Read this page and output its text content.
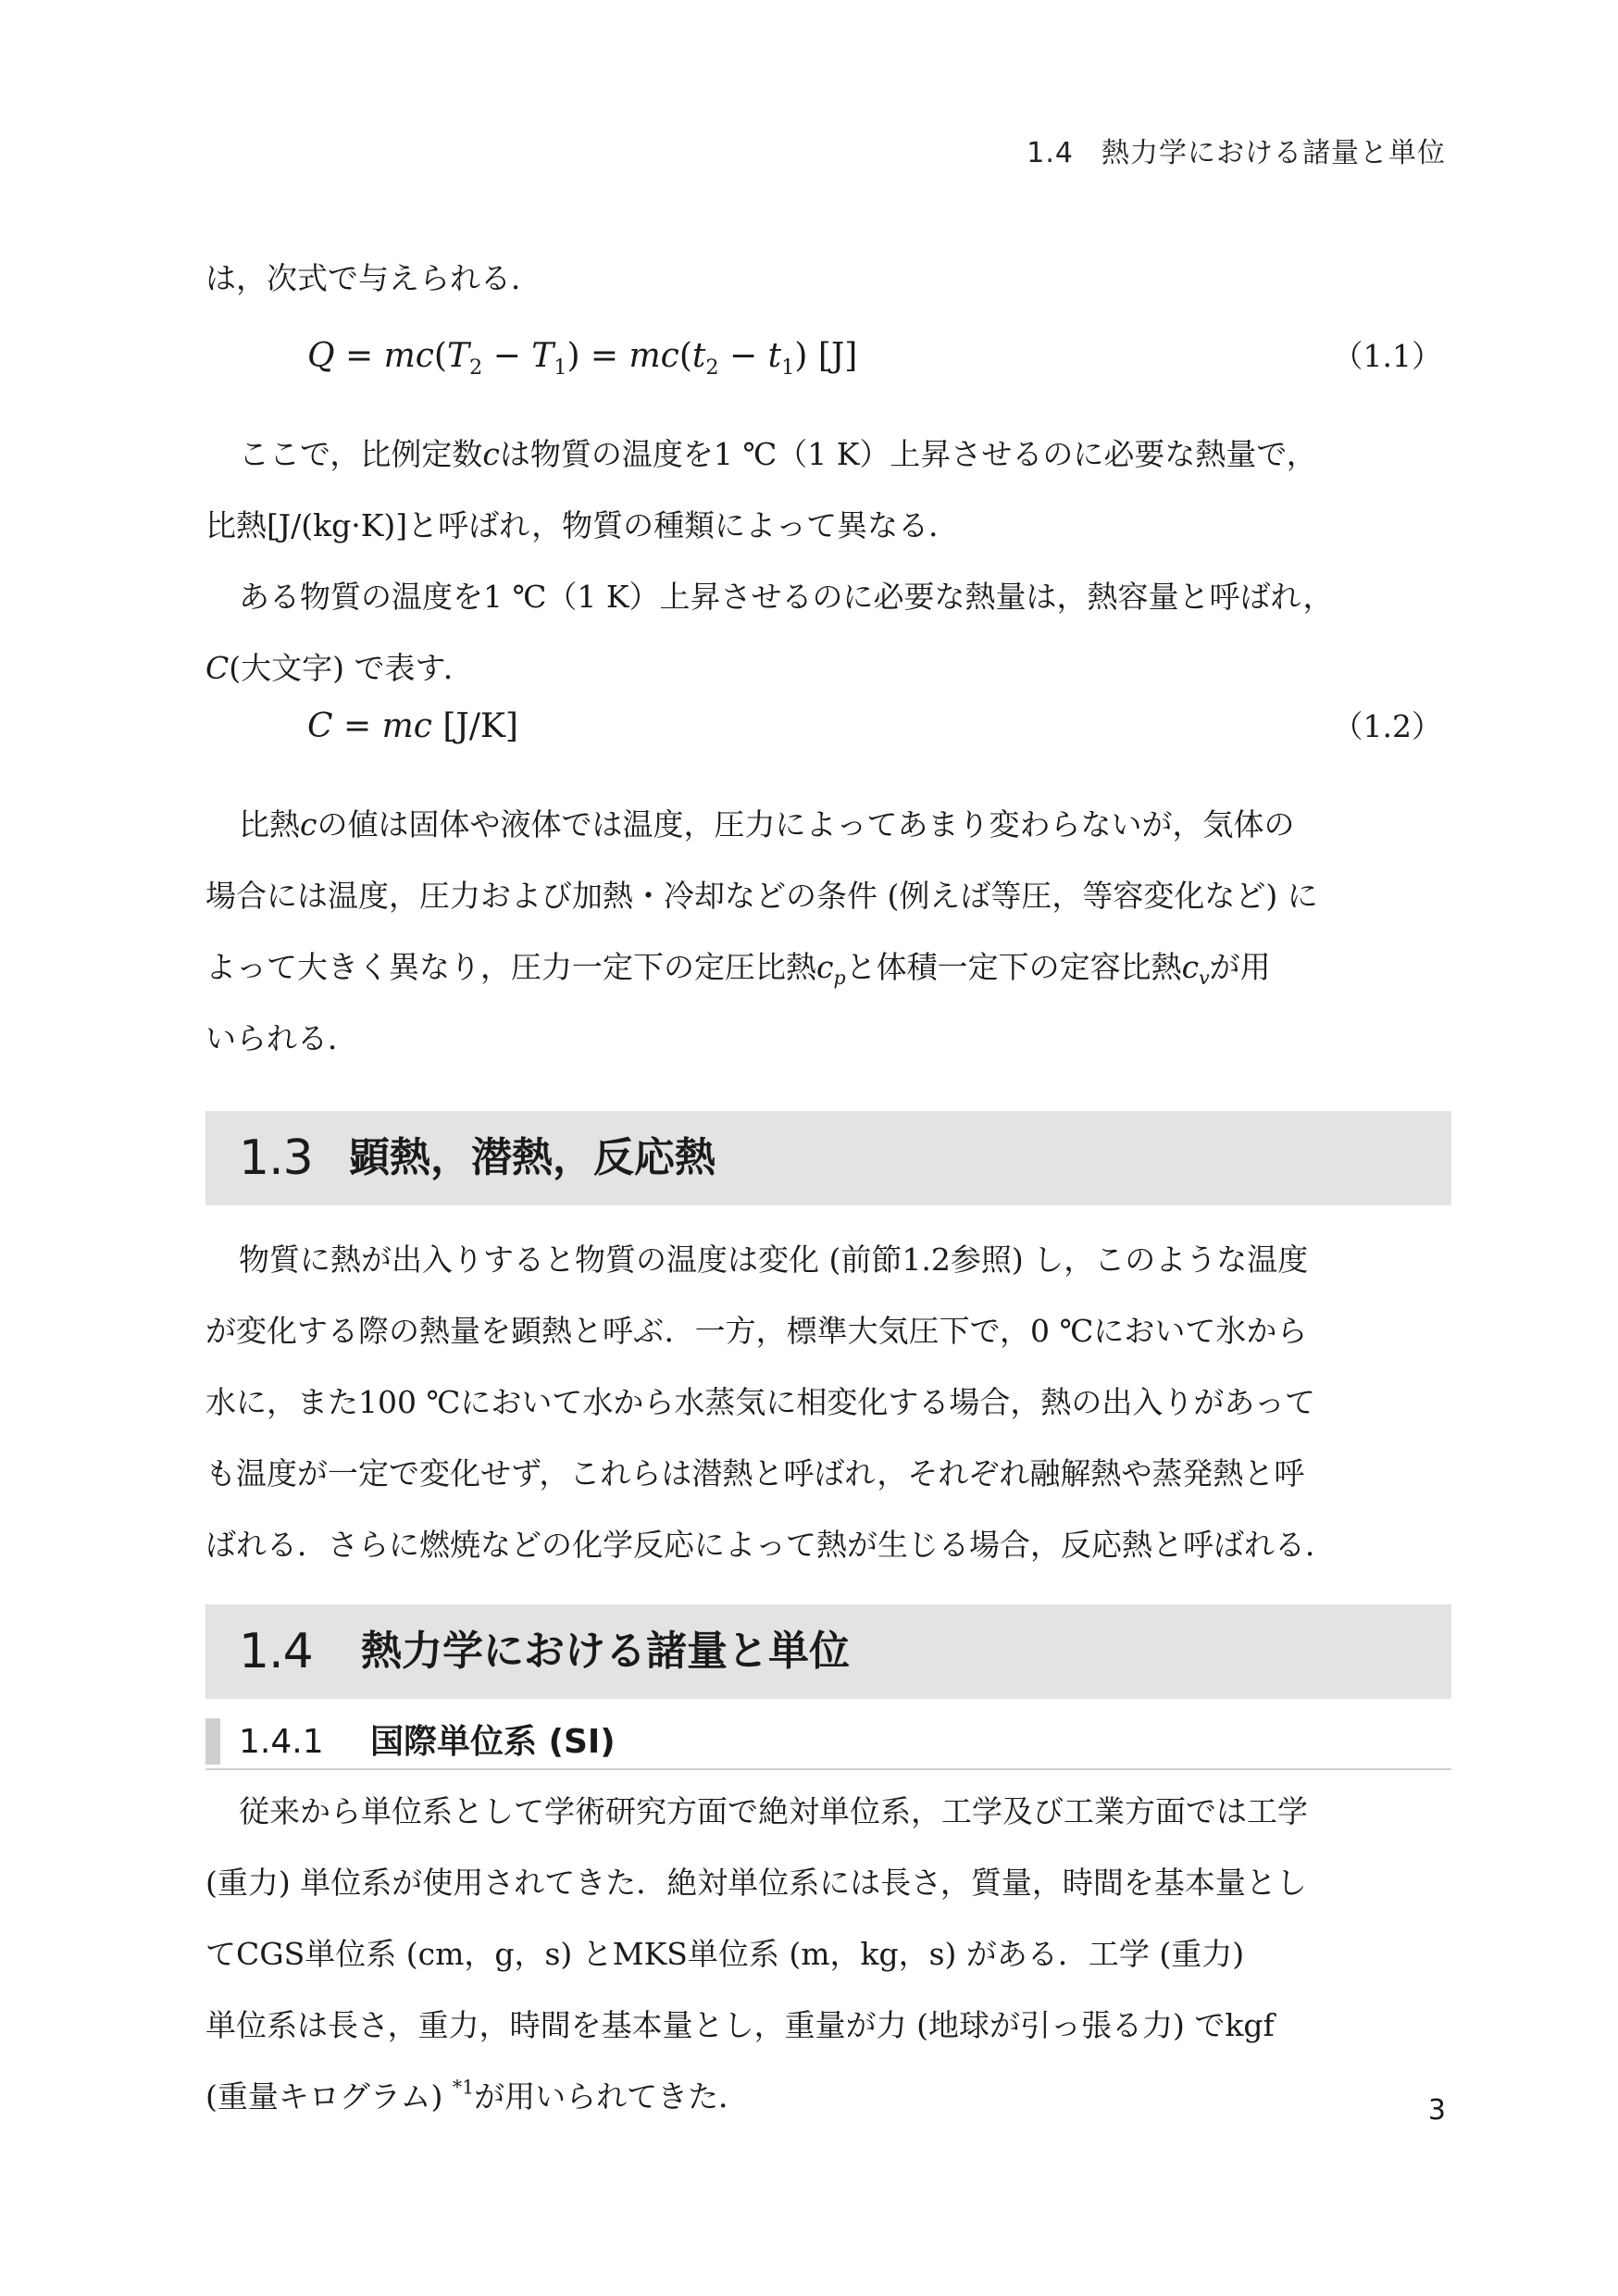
1.4 熱力学における諸量と単位

は，次式で与えられる．

$Q = mc(T_2 - T_1) = mc(t_2 - t_1)$ [J]	（1.1）

ここで，比例定数cは物質の温度を1 ℃（1 K）上昇させるのに必要な熱量で，

比熱[J/(kg·K)]と呼ばれ，物質の種類によって異なる．

ある物質の温度を1 ℃（1 K）上昇させるのに必要な熱量は，熱容量と呼ばれ，

C(大文字) で表す．

C = mc [J/K]	（1.2）

比熱cの値は固体や液体では温度，圧力によってあまり変わらないが，気体の

場合には温度，圧力および加熱・冷却などの条件 (例えば等圧，等容変化など) に

よって大きく異なり，圧力一定下の定圧比熱$c_p$と体積一定下の定容比熱$c_v$が用

いられる．

1.3 顕熱，潜熱，反応熱

物質に熱が出入りすると物質の温度は変化 (前節1.2参照) し，このような温度

が変化する際の熱量を顕熱と呼ぶ．一方，標準大気圧下で，0 ℃において氷から

水に，また100 ℃において水から水蒸気に相変化する場合，熱の出入りがあって

も温度が一定で変化せず，これらは潜熱と呼ばれ，それぞれ融解熱や蒸発熱と呼

ばれる．さらに燃焼などの化学反応によって熱が生じる場合，反応熱と呼ばれる．

1.4 熱力学における諸量と単位
1.4.1 国際単位系 (SI)

従来から単位系として学術研究方面で絶対単位系，工学及び工業方面では工学

(重力) 単位系が使用されてきた．絶対単位系には長さ，質量，時間を基本量とし

てCGS単位系 (cm，g，s) とMKS単位系 (m，kg，s) がある．工学 (重力)

単位系は長さ，重力，時間を基本量とし，重量が力 (地球が引っ張る力) でkgf

(重量キログラム) $^{*1}$が用いられてきた．	3
